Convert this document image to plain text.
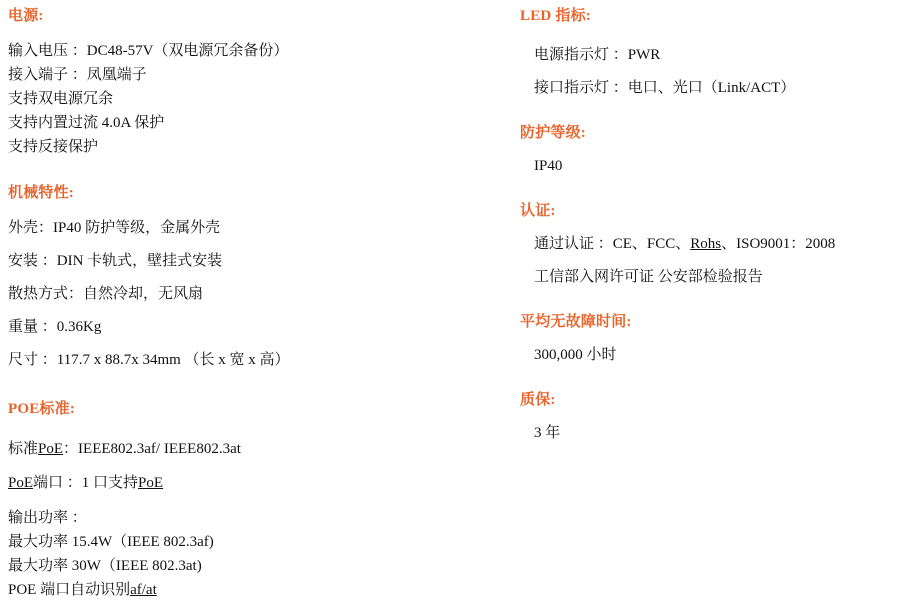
电源:
输入电压 ：DC48-57V（双电源冗余备份）
接入端子 ：凤凰端子
支持双电源冗余
支持内置过流 4.0A 保护
支持反接保护
机械特性:
外壳：IP40 防护等级，金属外壳
安装 ：DIN 卡轨式，壁挂式安装
散热方式：自然冷却，无风扇
重量 ：0.36Kg
尺寸 ：117.7 x 88.7x 34mm （长 x 宽 x 高）
POE标准:
标准PoE：IEEE802.3af/ IEEE802.3at
PoE端口 ：1 口支持PoE
输出功率 ：
最大功率 15.4W（IEEE 802.3af)
最大功率 30W（IEEE 802.3at)
POE 端口自动识别af/at
LED 指标:
电源指示灯 ：PWR
接口指示灯 ：电口、光口（Link/ACT）
防护等级:
IP40
认证:
通过认证 ：CE、FCC、Rohs、ISO9001：2008
工信部入网许可证 公安部检验报告
平均无故障时间:
300,000 小时
质保:
3 年
